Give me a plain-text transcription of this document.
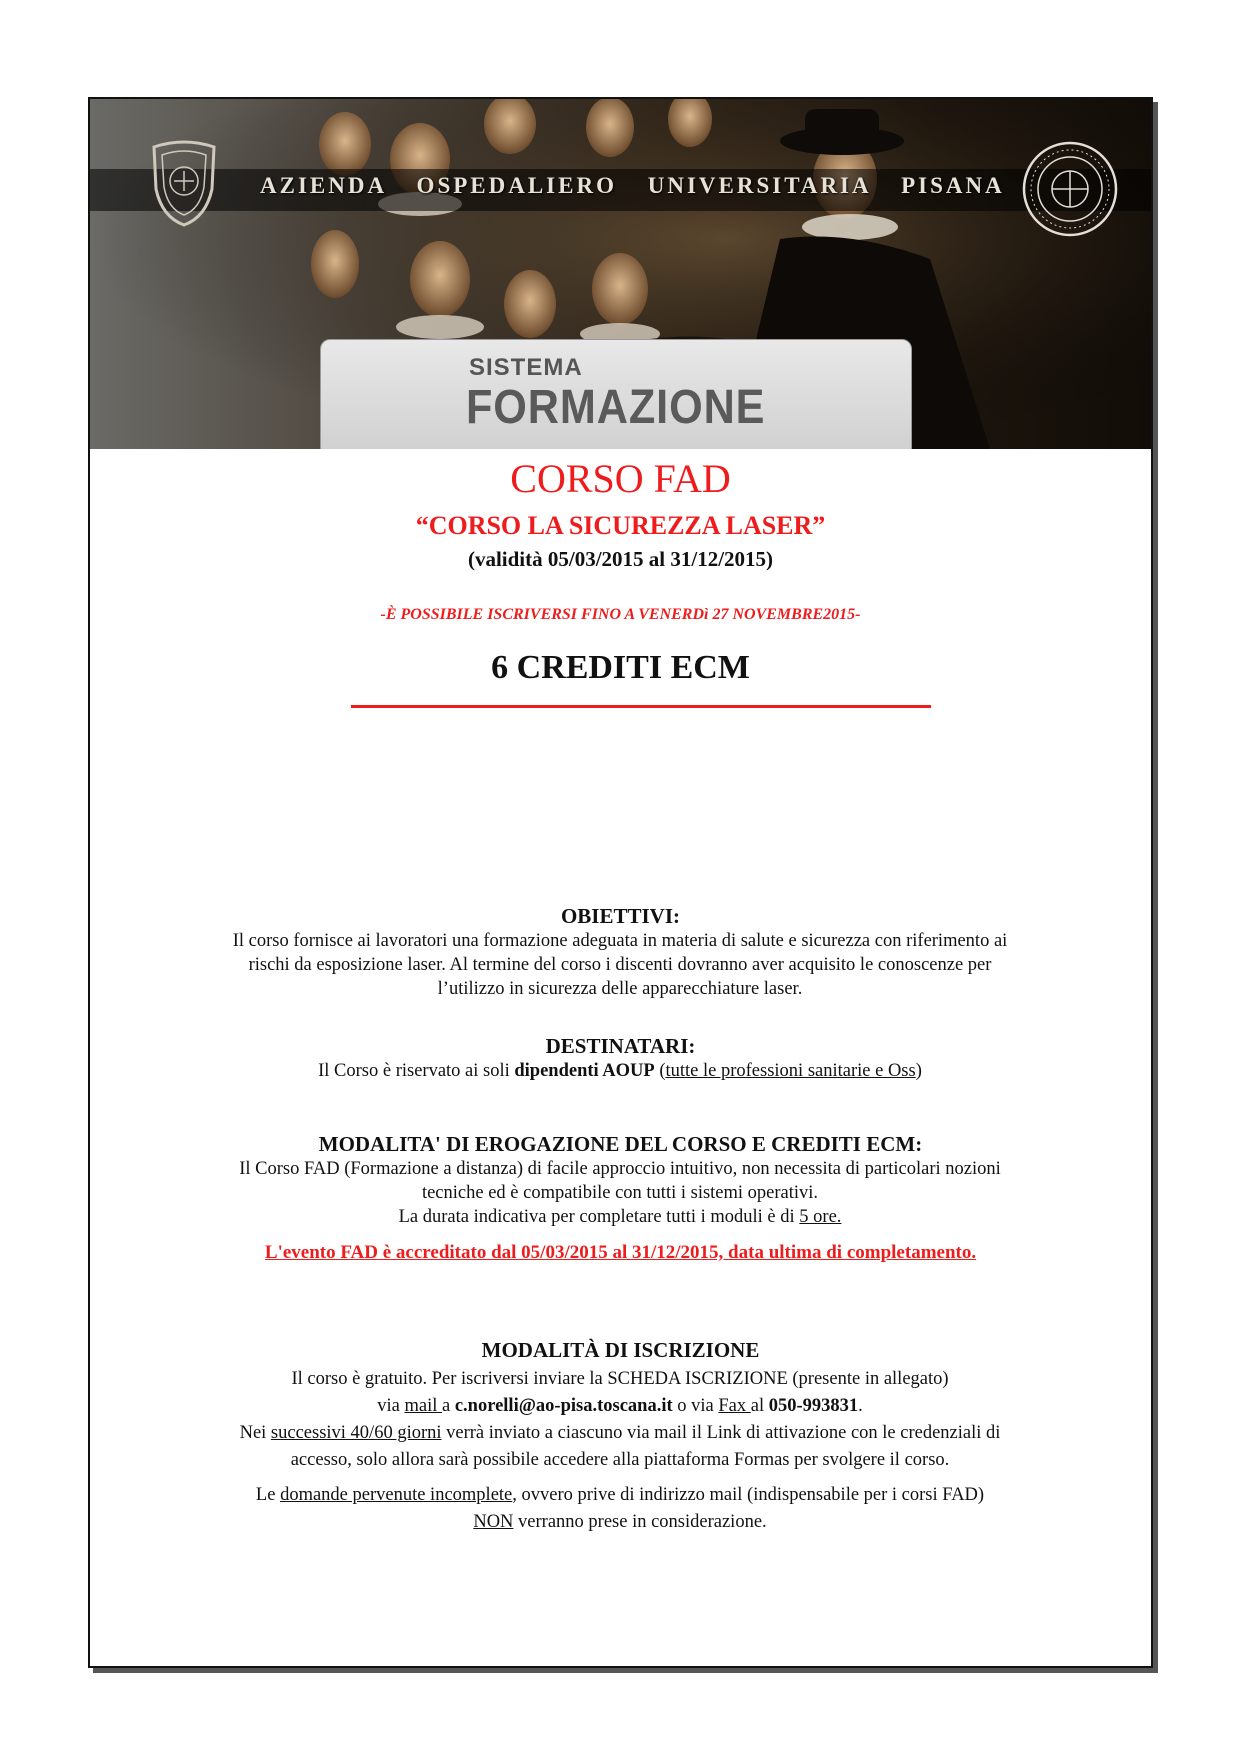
AZIENDA OSPEDALIERO UNIVERSITARIA PISANA
SISTEMA
FORMAZIONE
CORSO FAD
“CORSO LA SICUREZZA LASER”
(validità 05/03/2015 al 31/12/2015)
-È POSSIBILE ISCRIVERSI FINO A VENERDì 27 NOVEMBRE2015-
6 CREDITI ECM
OBIETTIVI:
Il corso fornisce ai lavoratori una formazione adeguata in materia di salute e sicurezza con riferimento ai
rischi da esposizione laser. Al termine del corso i discenti dovranno aver acquisito le conoscenze per
l’utilizzo in sicurezza delle apparecchiature laser.
DESTINATARI:
Il Corso è riservato ai soli dipendenti AOUP (tutte le professioni sanitarie e Oss)
MODALITA' DI EROGAZIONE DEL CORSO E CREDITI ECM:
Il Corso FAD (Formazione a distanza) di facile approccio intuitivo, non necessita di particolari nozioni
tecniche ed è compatibile con tutti i sistemi operativi.
La durata indicativa per completare tutti i moduli è di 5 ore.
L'evento FAD è accreditato dal 05/03/2015 al 31/12/2015, data ultima di completamento.
MODALITÀ DI ISCRIZIONE
Il corso è gratuito. Per iscriversi inviare la SCHEDA ISCRIZIONE (presente in allegato)
via mail a c.norelli@ao-pisa.toscana.it o via Fax al 050-993831.
Nei successivi 40/60 giorni verrà inviato a ciascuno via mail il Link di attivazione con le credenziali di
accesso, solo allora sarà possibile accedere alla piattaforma Formas per svolgere il corso.
Le domande pervenute incomplete, ovvero prive di indirizzo mail (indispensabile per i corsi FAD)
NON verranno prese in considerazione.
